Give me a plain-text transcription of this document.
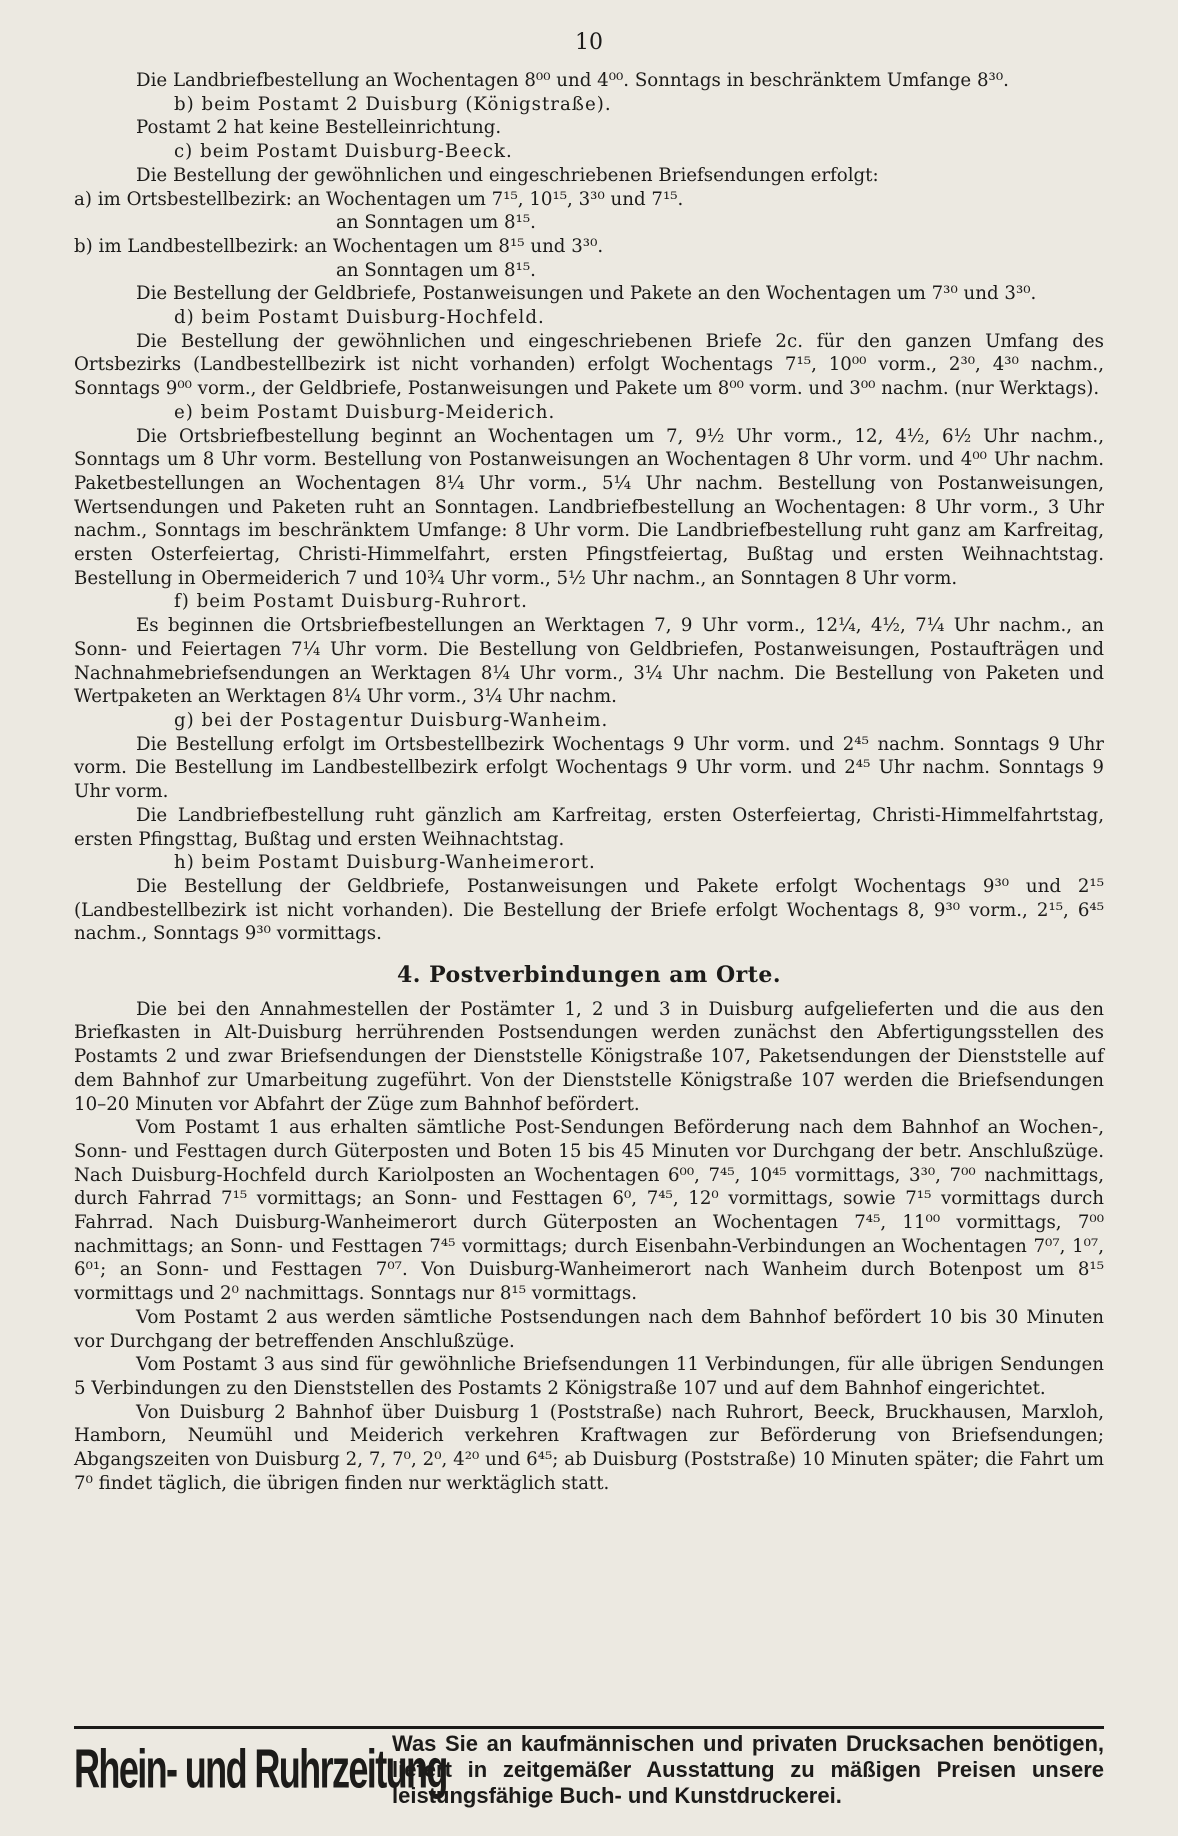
10

Die Landbriefbestellung an Wochentagen 8⁰⁰ und 4⁰⁰. Sonntags in beschränktem Umfange 8³⁰.

b) beim Postamt 2 Duisburg (Königstraße).

Postamt 2 hat keine Bestelleinrichtung.

c) beim Postamt Duisburg-Beeck.

Die Bestellung der gewöhnlichen und eingeschriebenen Briefsendungen erfolgt:

a) im Ortsbestellbezirk: an Wochentagen um 7¹⁵, 10¹⁵, 3³⁰ und 7¹⁵.

an Sonntagen um 8¹⁵.

b) im Landbestellbezirk: an Wochentagen um 8¹⁵ und 3³⁰.

an Sonntagen um 8¹⁵.

Die Bestellung der Geldbriefe, Postanweisungen und Pakete an den Wochentagen um 7³⁰ und 3³⁰.

d) beim Postamt Duisburg-Hochfeld.

Die Bestellung der gewöhnlichen und eingeschriebenen Briefe 2c. für den ganzen Umfang des Ortsbezirks (Landbestellbezirk ist nicht vorhanden) erfolgt Wochentags 7¹⁵, 10⁰⁰ vorm., 2³⁰, 4³⁰ nachm., Sonntags 9⁰⁰ vorm., der Geldbriefe, Postanweisungen und Pakete um 8⁰⁰ vorm. und 3⁰⁰ nachm. (nur Werktags).

e) beim Postamt Duisburg-Meiderich.

Die Ortsbriefbestellung beginnt an Wochentagen um 7, 9½ Uhr vorm., 12, 4½, 6½ Uhr nachm., Sonntags um 8 Uhr vorm. Bestellung von Postanweisungen an Wochentagen 8 Uhr vorm. und 4⁰⁰ Uhr nachm. Paketbestellungen an Wochentagen 8¼ Uhr vorm., 5¼ Uhr nachm. Bestellung von Postanweisungen, Wertsendungen und Paketen ruht an Sonntagen. Landbriefbestellung an Wochentagen: 8 Uhr vorm., 3 Uhr nachm., Sonntags im beschränktem Umfange: 8 Uhr vorm. Die Landbriefbestellung ruht ganz am Karfreitag, ersten Osterfeiertag, Christi-Himmelfahrt, ersten Pfingstfeiertag, Bußtag und ersten Weihnachtstag. Bestellung in Obermeiderich 7 und 10¾ Uhr vorm., 5½ Uhr nachm., an Sonntagen 8 Uhr vorm.

f) beim Postamt Duisburg-Ruhrort.

Es beginnen die Ortsbriefbestellungen an Werktagen 7, 9 Uhr vorm., 12¼, 4½, 7¼ Uhr nachm., an Sonn- und Feiertagen 7¼ Uhr vorm. Die Bestellung von Geldbriefen, Postanweisungen, Postaufträgen und Nachnahmebriefsendungen an Werktagen 8¼ Uhr vorm., 3¼ Uhr nachm. Die Bestellung von Paketen und Wertpaketen an Werktagen 8¼ Uhr vorm., 3¼ Uhr nachm.

g) bei der Postagentur Duisburg-Wanheim.

Die Bestellung erfolgt im Ortsbestellbezirk Wochentags 9 Uhr vorm. und 2⁴⁵ nachm. Sonntags 9 Uhr vorm. Die Bestellung im Landbestellbezirk erfolgt Wochentags 9 Uhr vorm. und 2⁴⁵ Uhr nachm. Sonntags 9 Uhr vorm.

Die Landbriefbestellung ruht gänzlich am Karfreitag, ersten Osterfeiertag, Christi-Himmelfahrtstag, ersten Pfingsttag, Bußtag und ersten Weihnachtstag.

h) beim Postamt Duisburg-Wanheimerort.

Die Bestellung der Geldbriefe, Postanweisungen und Pakete erfolgt Wochentags 9³⁰ und 2¹⁵ (Landbestellbezirk ist nicht vorhanden). Die Bestellung der Briefe erfolgt Wochentags 8, 9³⁰ vorm., 2¹⁵, 6⁴⁵ nachm., Sonntags 9³⁰ vormittags.

4. Postverbindungen am Orte.

Die bei den Annahmestellen der Postämter 1, 2 und 3 in Duisburg aufgelieferten und die aus den Briefkasten in Alt-Duisburg herrührenden Postsendungen werden zunächst den Abfertigungsstellen des Postamts 2 und zwar Briefsendungen der Dienststelle Königstraße 107, Paketsendungen der Dienststelle auf dem Bahnhof zur Umarbeitung zugeführt. Von der Dienststelle Königstraße 107 werden die Briefsendungen 10–20 Minuten vor Abfahrt der Züge zum Bahnhof befördert.

Vom Postamt 1 aus erhalten sämtliche Post-Sendungen Beförderung nach dem Bahnhof an Wochen-, Sonn- und Festtagen durch Güterposten und Boten 15 bis 45 Minuten vor Durchgang der betr. Anschlußzüge. Nach Duisburg-Hochfeld durch Kariolposten an Wochentagen 6⁰⁰, 7⁴⁵, 10⁴⁵ vormittags, 3³⁰, 7⁰⁰ nachmittags, durch Fahrrad 7¹⁵ vormittags; an Sonn- und Festtagen 6⁰, 7⁴⁵, 12⁰ vormittags, sowie 7¹⁵ vormittags durch Fahrrad. Nach Duisburg-Wanheimerort durch Güterposten an Wochentagen 7⁴⁵, 11⁰⁰ vormittags, 7⁰⁰ nachmittags; an Sonn- und Festtagen 7⁴⁵ vormittags; durch Eisenbahn-Verbindungen an Wochentagen 7⁰⁷, 1⁰⁷, 6⁰¹; an Sonn- und Festtagen 7⁰⁷. Von Duisburg-Wanheimerort nach Wanheim durch Botenpost um 8¹⁵ vormittags und 2⁰ nachmittags. Sonntags nur 8¹⁵ vormittags.

Vom Postamt 2 aus werden sämtliche Postsendungen nach dem Bahnhof befördert 10 bis 30 Minuten vor Durchgang der betreffenden Anschlußzüge.

Vom Postamt 3 aus sind für gewöhnliche Briefsendungen 11 Verbindungen, für alle übrigen Sendungen 5 Verbindungen zu den Dienststellen des Postamts 2 Königstraße 107 und auf dem Bahnhof eingerichtet.

Von Duisburg 2 Bahnhof über Duisburg 1 (Poststraße) nach Ruhrort, Beeck, Bruckhausen, Marxloh, Hamborn, Neumühl und Meiderich verkehren Kraftwagen zur Beförderung von Briefsendungen; Abgangszeiten von Duisburg 2, 7, 7⁰, 2⁰, 4²⁰ und 6⁴⁵; ab Duisburg (Poststraße) 10 Minuten später; die Fahrt um 7⁰ findet täglich, die übrigen finden nur werktäglich statt.

Rhein- und Ruhrzeitung
Was Sie an kaufmännischen und privaten Drucksachen benötigen, liefert in zeitgemäßer Ausstattung zu mäßigen Preisen unsere leistungsfähige Buch- und Kunstdruckerei.
